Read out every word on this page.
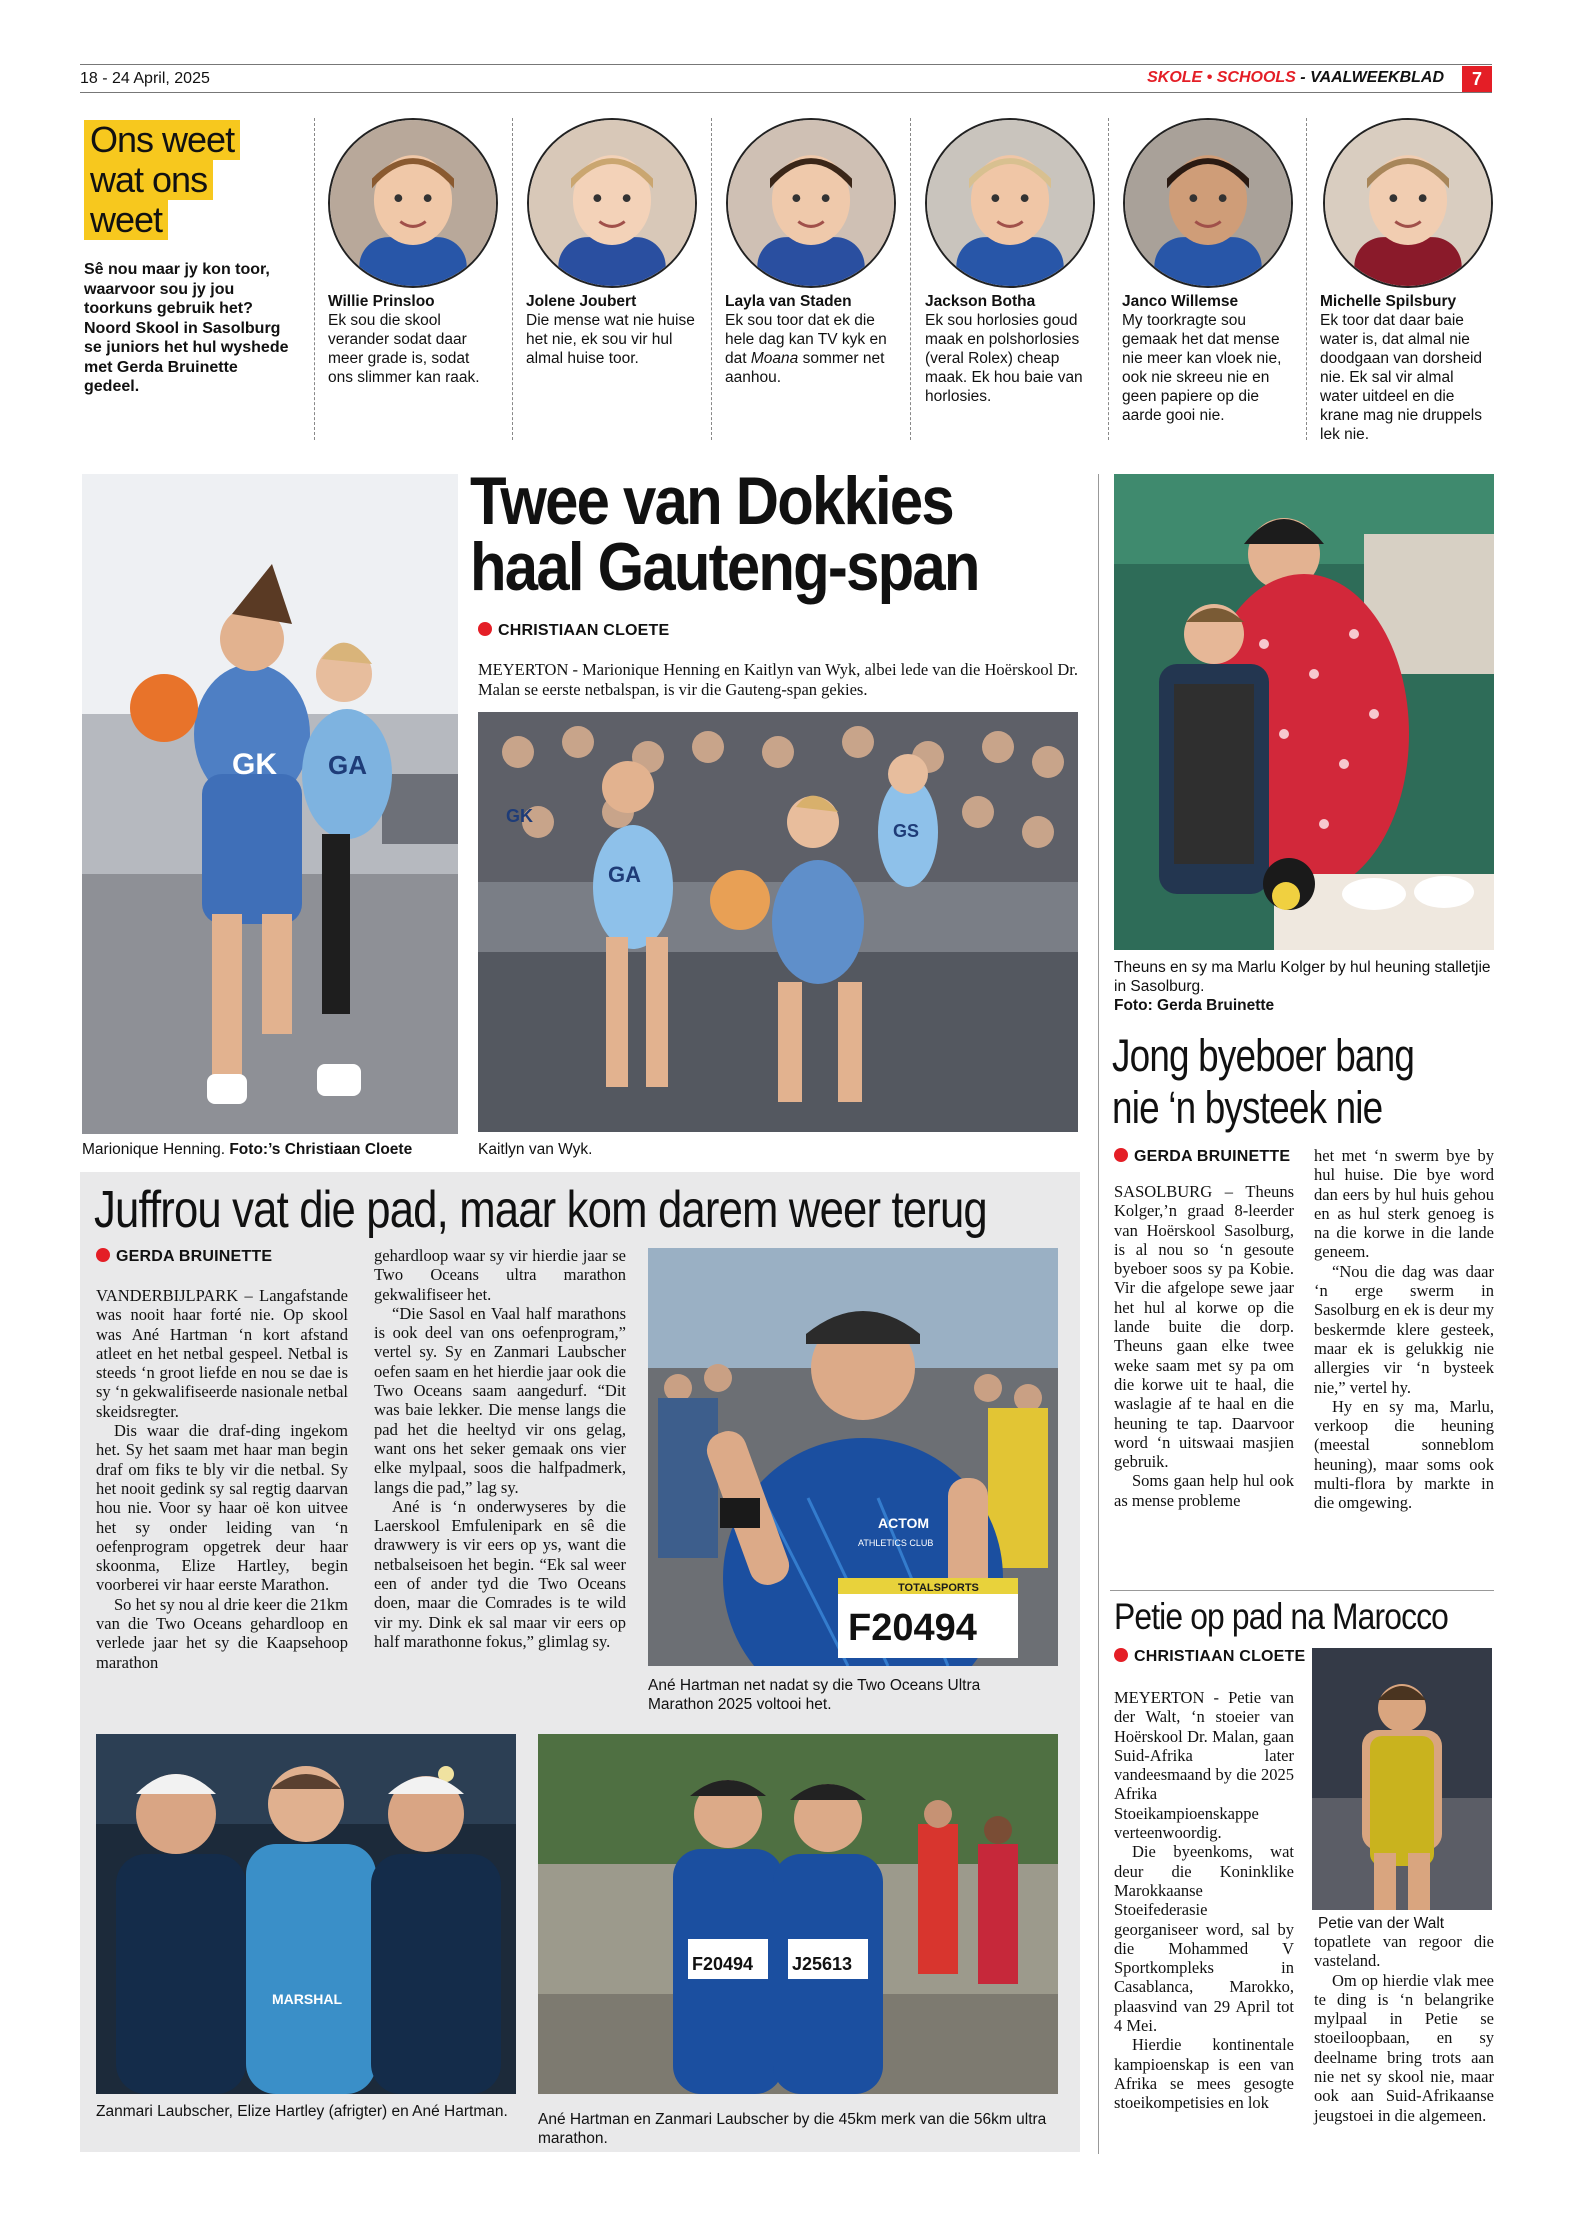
18 - 24 April, 2025	SKOLE • SCHOOLS - VAALWEEKBLAD	7
Ons weet
wat ons
weet
Sê nou maar jy kon toor, waarvoor sou jy jou toorkuns gebruik het? Noord Skool in Sasolburg se juniors het hul wyshede met Gerda Bruinette gedeel.
Willie Prinsloo
Ek sou die skool verander sodat daar meer grade is, sodat ons slimmer kan raak.
Jolene Joubert
Die mense wat nie huise het nie, ek sou vir hul almal huise toor.
Layla van Staden
Ek sou toor dat ek die hele dag kan TV kyk en dat Moana sommer net aanhou.
Jackson Botha
Ek sou horlosies goud maak en polshorlosies (veral Rolex) cheap maak. Ek hou baie van horlosies.
Janco Willemse
My toorkragte sou gemaak het dat mense nie meer kan vloek nie, ook nie skreeu nie en geen papiere op die aarde gooi nie.
Michelle Spilsbury
Ek toor dat daar baie water is, dat almal nie doodgaan van dorsheid nie. Ek sal vir almal water uitdeel en die krane mag nie druppels lek nie.
GK GA
Marionique Henning. Foto:’s Christiaan Cloete
Twee van Dokkies
haal Gauteng-span
CHRISTIAAN CLOETE
MEYERTON - Marionique Henning en Kaitlyn van Wyk, albei lede van die Hoërskool Dr. Malan se eerste netbalspan, is vir die Gauteng-span gekies.
GA
GS
GK
Kaitlyn van Wyk.
Theuns en sy ma Marlu Kolger by hul heuning stalletjie in Sasolburg.
Foto: Gerda Bruinette
Jong byeboer bang
nie ‘n bysteek nie
GERDA BRUINETTE

SASOLBURG – Theuns Kolger,’n graad 8-leerder van Hoërskool Sasolburg, is al nou so ‘n gesoute byeboer soos sy pa Kobie. Vir die afgelope sewe jaar het hul al korwe op die lande buite die dorp. Theuns gaan elke twee weke saam met sy pa om die korwe uit te haal, die waslagie af te haal en die heuning te tap. Daarvoor word ‘n uitswaai masjien gebruik.

Soms gaan help hul ook as mense probleme

het met ‘n swerm bye by hul huise. Die bye word dan eers by hul huis gehou en as hul sterk genoeg is na die korwe in die lande geneem.

“Nou die dag was daar ‘n erge swerm in Sasolburg en ek is deur my beskermde klere gesteek, maar ek is gelukkig nie allergies vir ‘n bysteek nie,” vertel hy.

Hy en sy ma, Marlu, verkoop die heuning (meestal sonneblom heuning), maar soms ook multi-flora by markte in die omgewing.

Petie op pad na Marocco
CHRISTIAAN CLOETE

MEYERTON - Petie van der Walt, ‘n stoeier van Hoërskool Dr. Malan, gaan Suid-Afrika later vandeesmaand by die 2025 Afrika Stoeikampioenskappe verteenwoordig.

Die byeenkoms, wat deur die Koninklike Marokkaanse Stoeifederasie georganiseer word, sal by die Mohammed V Sportkompleks in Casablanca, Marokko, plaasvind van 29 April tot 4 Mei.

Hierdie kontinentale kampioenskap is een van Afrika se mees gesogte stoeikompetisies en lok

Petie van der Walt

topatlete van regoor die vasteland.

Om op hierdie vlak mee te ding is ‘n belangrike mylpaal in Petie se stoeiloopbaan, en sy deelname bring trots aan nie net sy skool nie, maar ook aan Suid-Afrikaanse jeugstoei in die algemeen.

Juffrou vat die pad, maar kom darem weer terug
GERDA BRUINETTE

VANDERBIJLPARK – Langafstande was nooit haar forté nie. Op skool was Ané Hartman ‘n kort afstand atleet en het netbal gespeel. Netbal is steeds ‘n groot liefde en nou se dae is sy ‘n gekwalifiseerde nasionale netbal skeidsregter.

Dis waar die draf-ding ingekom het. Sy het saam met haar man begin draf om fiks te bly vir die netbal. Sy het nooit gedink sy sal regtig daarvan hou nie. Voor sy haar oë kon uitvee het sy onder leiding van ‘n oefenprogram opgetrek deur haar skoonma, Elize Hartley, begin voorberei vir haar eerste Marathon.

So het sy nou al drie keer die 21km van die Two Oceans gehardloop en verlede jaar het sy die Kaapsehoop marathon

gehardloop waar sy vir hierdie jaar se Two Oceans ultra marathon gekwalifiseer het.

“Die Sasol en Vaal half marathons is ook deel van ons oefenprogram,” vertel sy. Sy en Zanmari Laubscher oefen saam en het hierdie jaar ook die Two Oceans saam aangedurf. “Dit was baie lekker. Die mense langs die pad het die heeltyd vir ons gelag, want ons het seker gemaak ons vier elke mylpaal, soos die halfpadmerk, langs die pad,” lag sy.

Ané is ‘n onderwyseres by die Laerskool Emfulenipark en sê die drawwery is vir eers op ys, want die netbalseisoen het begin. “Ek sal weer een of ander tyd die Two Oceans doen, maar die Comrades is te wild vir my. Dink ek sal maar vir eers op half marathonne fokus,” glimlag sy.

TOTALSPORTS
F20494
ACTOM
ATHLETICS CLUB
Ané Hartman net nadat sy die Two Oceans Ultra Marathon 2025 voltooi het.
MARSHAL
Zanmari Laubscher, Elize Hartley (afrigter) en Ané Hartman.
F20494 J25613
Ané Hartman en Zanmari Laubscher by die 45km merk van die 56km ultra marathon.
